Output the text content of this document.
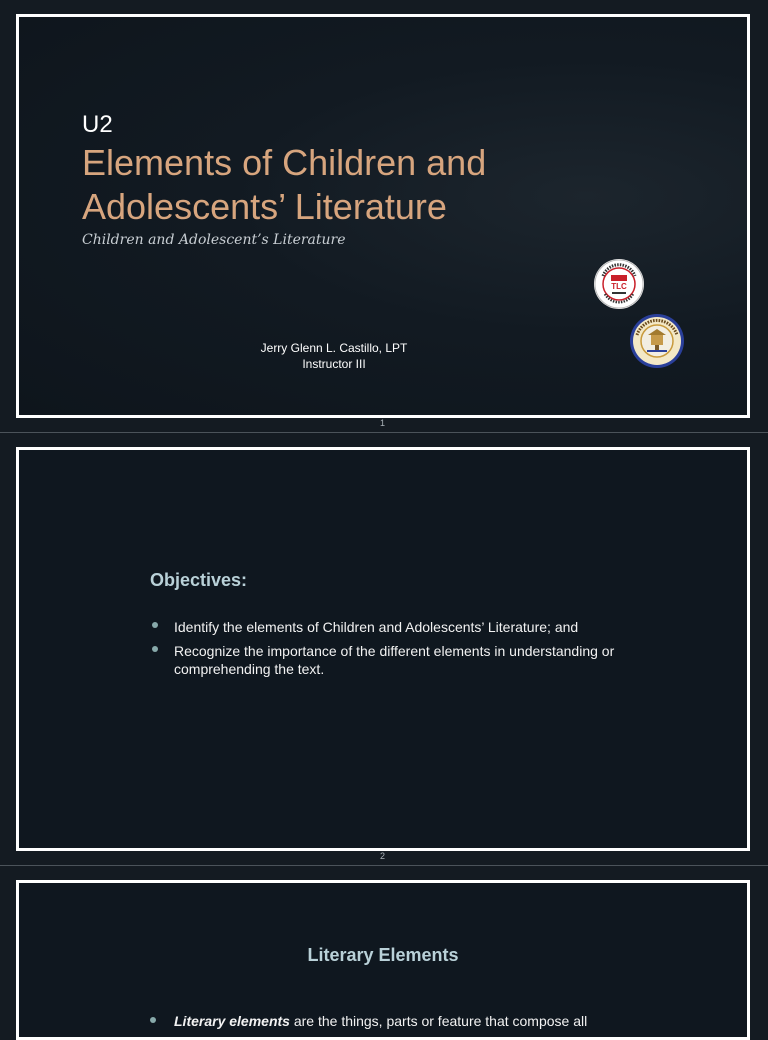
U2
Elements of Children and
Adolescents’ Literature
Children and Adolescent’s Literature
Jerry Glenn L. Castillo, LPT
Instructor III
TLC
1
Objectives:
Identify the elements of Children and Adolescents’ Literature; and
Recognize the importance of the different elements in understanding or comprehending the text.
2
Literary Elements
Literary elements are the things, parts or feature that compose all
